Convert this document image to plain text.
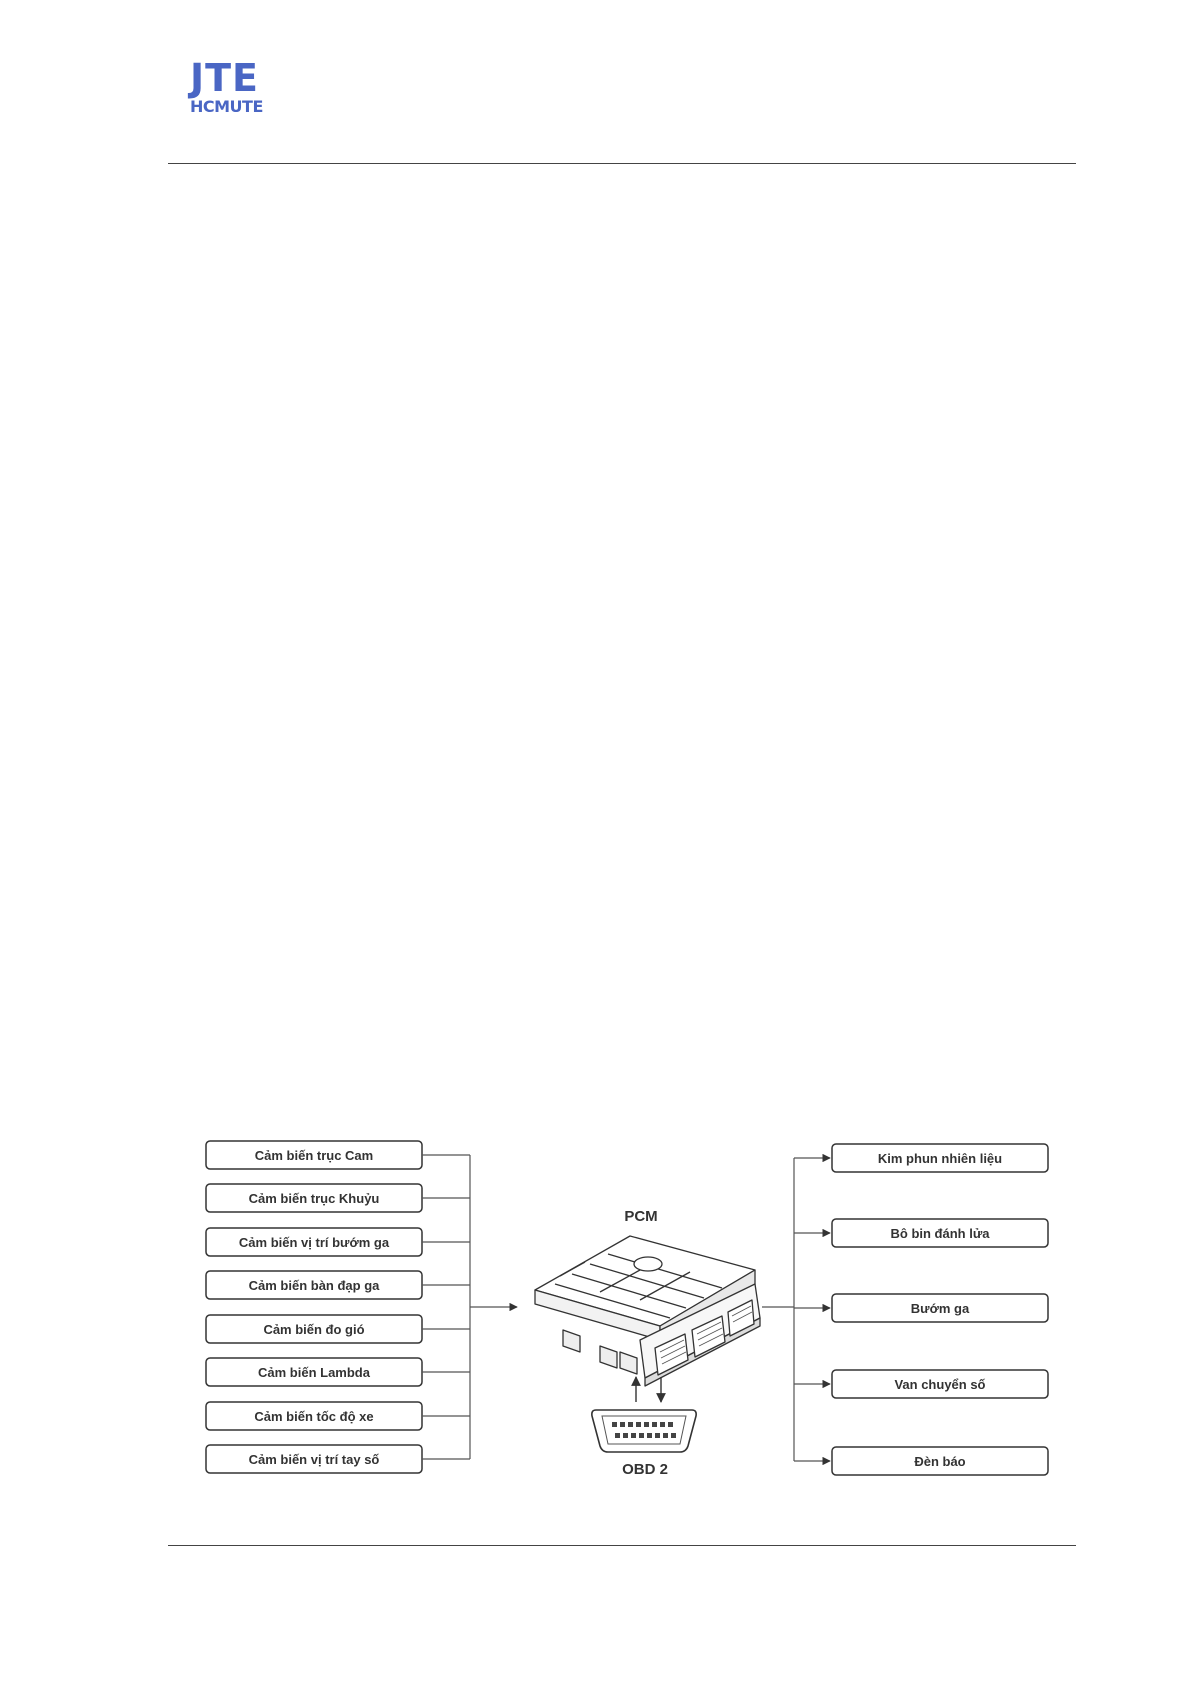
JTE
HCMUTE
Cảm biến trục Cam
Cảm biến trục Khuỷu
Cảm biến vị trí bướm ga
Cảm biến bàn đạp ga
Cảm biến đo gió
Cảm biến Lambda
Cảm biến tốc độ xe
Cảm biến vị trí tay số
PCM
OBD 2
Kim phun nhiên liệu
Bô bin đánh lửa
Bướm ga
Van chuyển số
Đèn báo
